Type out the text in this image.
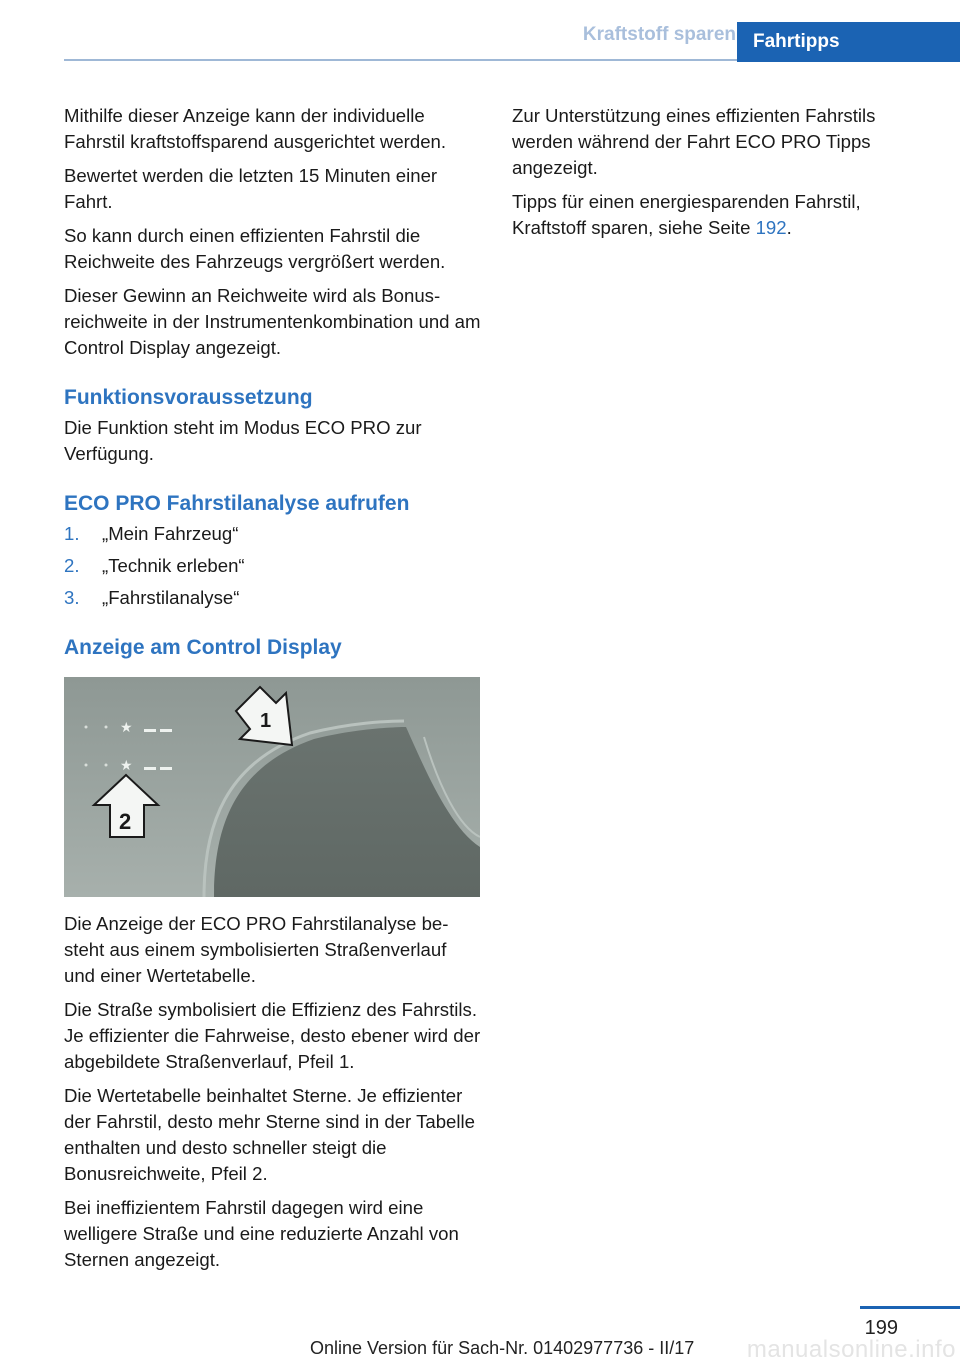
Kraftstoff sparen Fahrtipps

Mithilfe dieser Anzeige kann der individuelle Fahrstil kraftstoffsparend ausgerichtet werden.

Bewertet werden die letzten 15 Minuten einer Fahrt.

So kann durch einen effizienten Fahrstil die Reichweite des Fahrzeugs vergrößert werden.

Dieser Gewinn an Reichweite wird als Bonusreichweite in der Instrumentenkombination und am Control Display angezeigt.

Funktionsvoraussetzung

Die Funktion steht im Modus ECO PRO zur Verfügung.

ECO PRO Fahrstilanalyse aufrufen
1. „Mein Fahrzeug“
2. „Technik erleben“
3. „Fahrstilanalyse“
Anzeige am Control Display
★
★
1
2

Die Anzeige der ECO PRO Fahrstilanalyse besteht aus einem symbolisierten Straßenverlauf und einer Wertetabelle.

Die Straße symbolisiert die Effizienz des Fahrstils. Je effizienter die Fahrweise, desto ebener wird der abgebildete Straßenverlauf, Pfeil 1.

Die Wertetabelle beinhaltet Sterne. Je effizienter der Fahrstil, desto mehr Sterne sind in der Tabelle enthalten und desto schneller steigt die Bonusreichweite, Pfeil 2.

Bei ineffizientem Fahrstil dagegen wird eine welligere Straße und eine reduzierte Anzahl von Sternen angezeigt.

Zur Unterstützung eines effizienten Fahrstils werden während der Fahrt ECO PRO Tipps angezeigt.

Tipps für einen energiesparenden Fahrstil, Kraftstoff sparen, siehe Seite 192.

199
manualsonline.info
Online Version für Sach-Nr. 01402977736 - II/17
